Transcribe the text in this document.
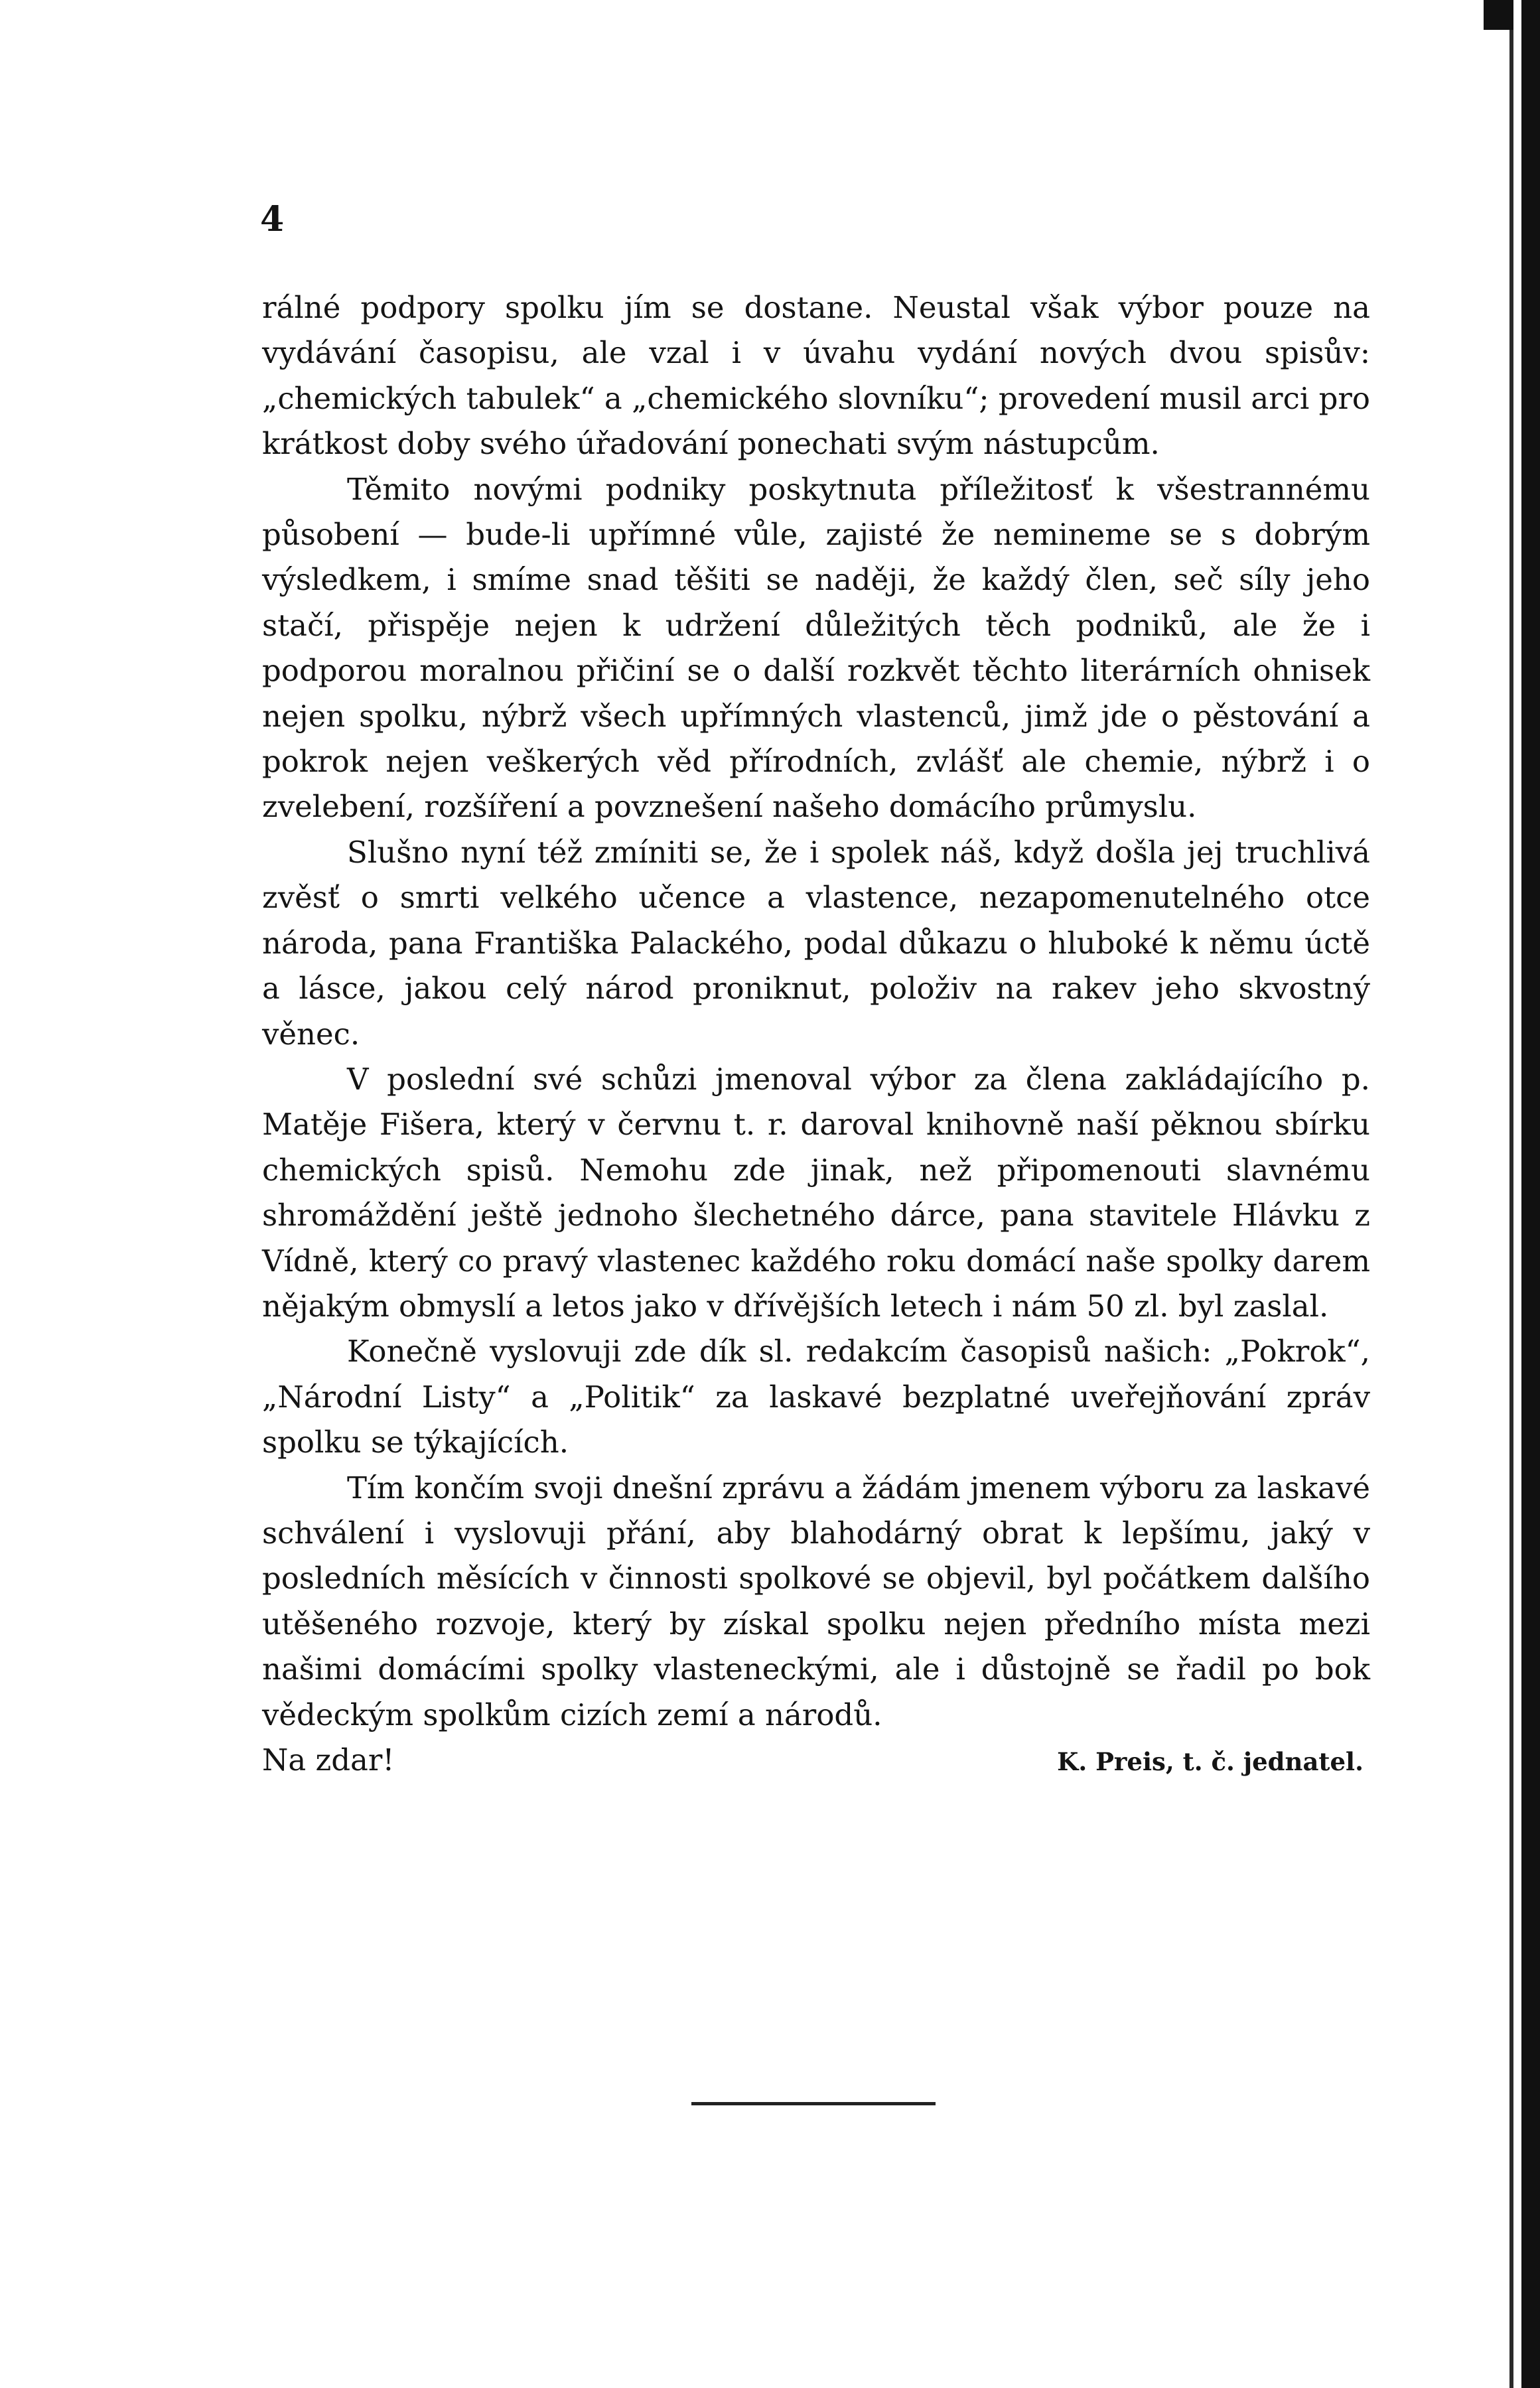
4

rálné podpory spolku jím se dostane. Neustal však výbor pouze na vydávání časopisu, ale vzal i v úvahu vydání nových dvou spisův: „chemických tabulek“ a „chemického slovníku“; provedení musil arci pro krátkost doby svého úřadování ponechati svým nástupcům.

Těmito novými podniky poskytnuta příležitosť k všestrannému působení — bude-li upřímné vůle, zajisté že nemineme se s dobrým výsledkem, i smíme snad těšiti se naději, že každý člen, seč síly jeho stačí, přispěje nejen k udržení důležitých těch podniků, ale že i podporou moralnou přičiní se o další rozkvět těchto literárních ohnisek nejen spolku, nýbrž všech upřímných vlastenců, jimž jde o pěstování a pokrok nejen veškerých věd přírodních, zvlášť ale chemie, nýbrž i o zvelebení, rozšíření a povznešení našeho domácího průmyslu.

Slušno nyní též zmíniti se, že i spolek náš, když došla jej truchlivá zvěsť o smrti velkého učence a vlastence, nezapomenutelného otce národa, pana Františka Palackého, podal důkazu o hluboké k němu úctě a lásce, jakou celý národ proniknut, položiv na rakev jeho skvostný věnec.

V poslední své schůzi jmenoval výbor za člena zakládajícího p. Matěje Fišera, který v červnu t. r. daroval knihovně naší pěknou sbírku chemických spisů. Nemohu zde jinak, než připomenouti slavnému shromáždění ještě jednoho šlechetného dárce, pana stavitele Hlávku z Vídně, který co pravý vlastenec každého roku domácí naše spolky darem nějakým obmyslí a letos jako v dřívějších letech i nám 50 zl. byl zaslal.

Konečně vyslovuji zde dík sl. redakcím časopisů našich: „Pokrok“, „Národní Listy“ a „Politik“ za laskavé bezplatné uveřejňování zpráv spolku se týkajících.

Tím končím svoji dnešní zprávu a žádám jmenem výboru za laskavé schválení i vyslovuji přání, aby blahodárný obrat k lepšímu, jaký v posledních měsících v činnosti spolkové se objevil, byl počátkem dalšího utěšeného rozvoje, který by získal spolku nejen předního místa mezi našimi domácími spolky vlasteneckými, ale i důstojně se řadil po bok vědeckým spolkům cizích zemí a národů.

Na zdar!	K. Preis, t. č. jednatel.
